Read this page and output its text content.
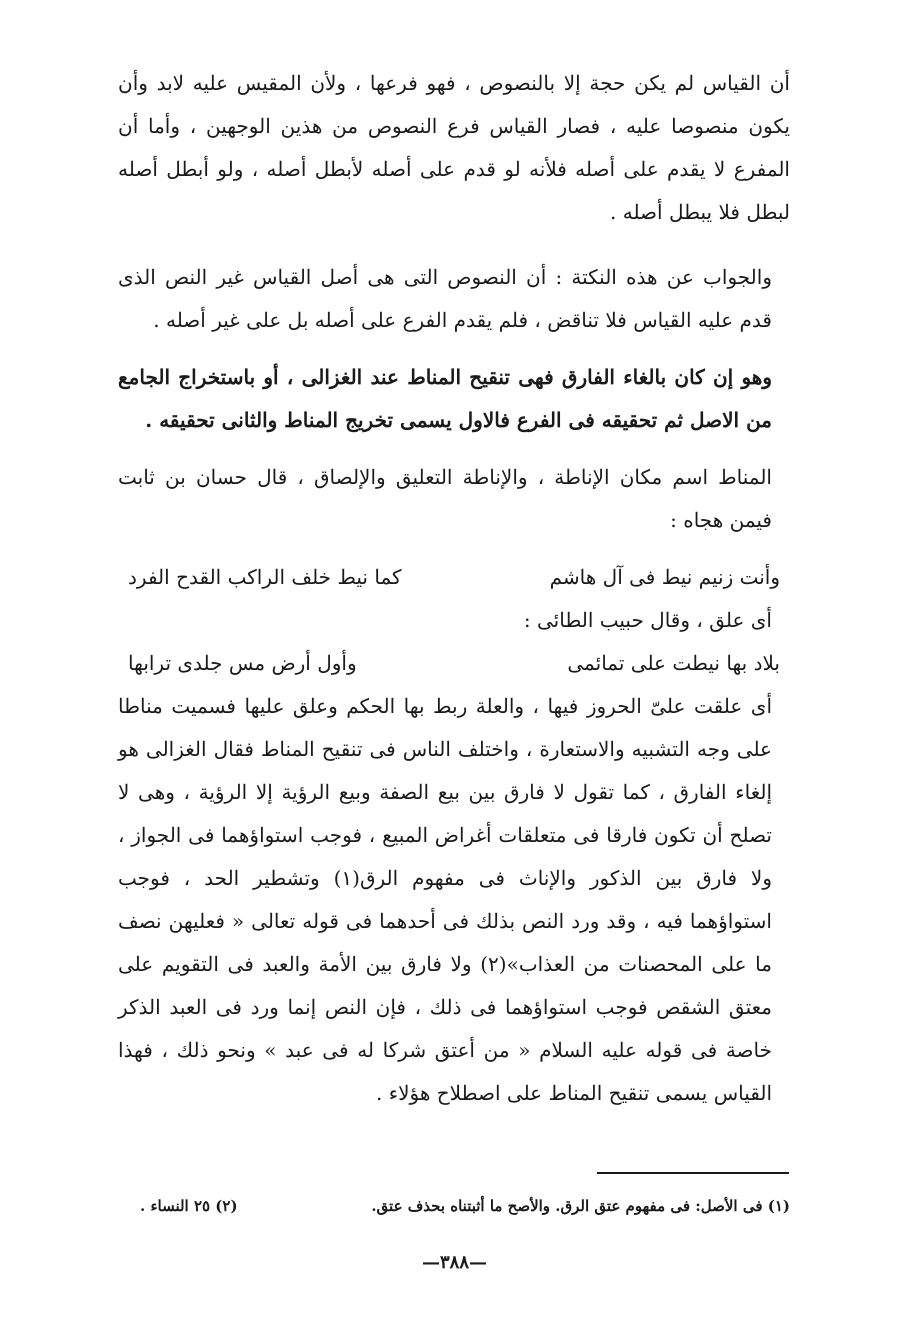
أن القياس لم يكن حجة إلا بالنصوص ، فهو فرعها ، ولأن المقيس عليه لابد وأن يكون منصوصا عليه ، فصار القياس فرع النصوص من هذين الوجهين ، وأما أن المفرع لا يقدم على أصله فلأنه لو قدم على أصله لأبطل أصله ، ولو أبطل أصله لبطل فلا يبطل أصله .

والجواب عن هذه النكتة : أن النصوص التى هى أصل القياس غير النص الذى قدم عليه القياس فلا تناقض ، فلم يقدم الفرع على أصله بل على غير أصله .

وهو إن كان بالغاء الفارق فهى تنقيح المناط عند الغزالى ، أو باستخراج الجامع من الاصل ثم تحقيقه فى الفرع فالاول يسمى تخريج المناط والثانى تحقيقه .

المناط اسم مكان الإناطة ، والإناطة التعليق والإلصاق ، قال حسان بن ثابت فيمن هجاه :

وأنت زنيم نيط فى آل هاشم
كما نيط خلف الراكب القدح الفرد

أى علق ، وقال حبيب الطائى :

بلاد بها نيطت على تمائمى
وأول أرض مس جلدى ترابها

أى علقت علىّ الحروز فيها ، والعلة ربط بها الحكم وعلق عليها فسميت مناطا على وجه التشبيه والاستعارة ، واختلف الناس فى تنقيح المناط فقال الغزالى هو إلغاء الفارق ، كما تقول لا فارق بين بيع الصفة وبيع الرؤية إلا الرؤية ، وهى لا تصلح أن تكون فارقا فى متعلقات أغراض المبيع ، فوجب استواؤهما فى الجواز ، ولا فارق بين الذكور والإناث فى مفهوم الرق(١) وتشطير الحد ، فوجب استواؤهما فيه ، وقد ورد النص بذلك فى أحدهما فى قوله تعالى « فعليهن نصف ما على المحصنات من العذاب»(٢) ولا فارق بين الأمة والعبد فى التقويم على معتق الشقص فوجب استواؤهما فى ذلك ، فإن النص إنما ورد فى العبد الذكر خاصة فى قوله عليه السلام « من أعتق شركا له فى عبد » ونحو ذلك ، فهذا القياس يسمى تنقيح المناط على اصطلاح هؤلاء .

(١) فى الأصل: فى مفهوم عتق الرق. والأصح ما أثبتناه بحذف عتق.
(٢) ٢٥ النساء .
—٣٨٨—
